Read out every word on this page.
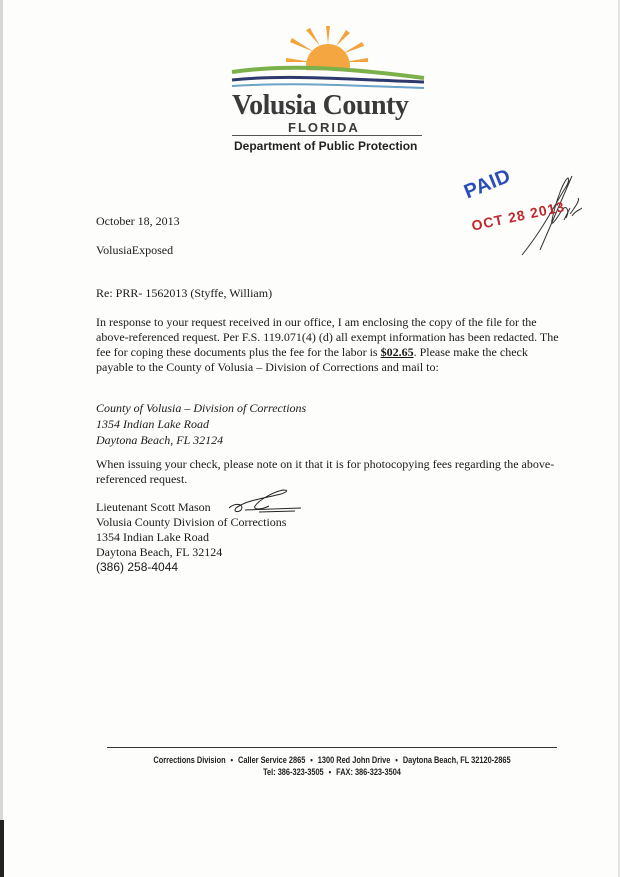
Volusia County
FLORIDA
Department of Public Protection
PAID
OCT 28 2013
October 18, 2013
VolusiaExposed
Re: PRR- 1562013 (Styffe, William)
In response to your request received in our office, I am enclosing the copy of the file for the above-referenced request. Per F.S. 119.071(4) (d) all exempt information has been redacted. The fee for coping these documents plus the fee for the labor is $02.65. Please make the check payable to the County of Volusia – Division of Corrections and mail to:
County of Volusia – Division of Corrections
1354 Indian Lake Road
Daytona Beach, FL 32124
When issuing your check, please note on it that it is for photocopying fees regarding the above-referenced request.
Lieutenant Scott Mason
Volusia County Division of Corrections
1354 Indian Lake Road
Daytona Beach, FL 32124
(386) 258-4044
Corrections Division • Caller Service 2865 • 1300 Red John Drive • Daytona Beach, FL 32120-2865
Tel: 386-323-3505 • FAX: 386-323-3504
